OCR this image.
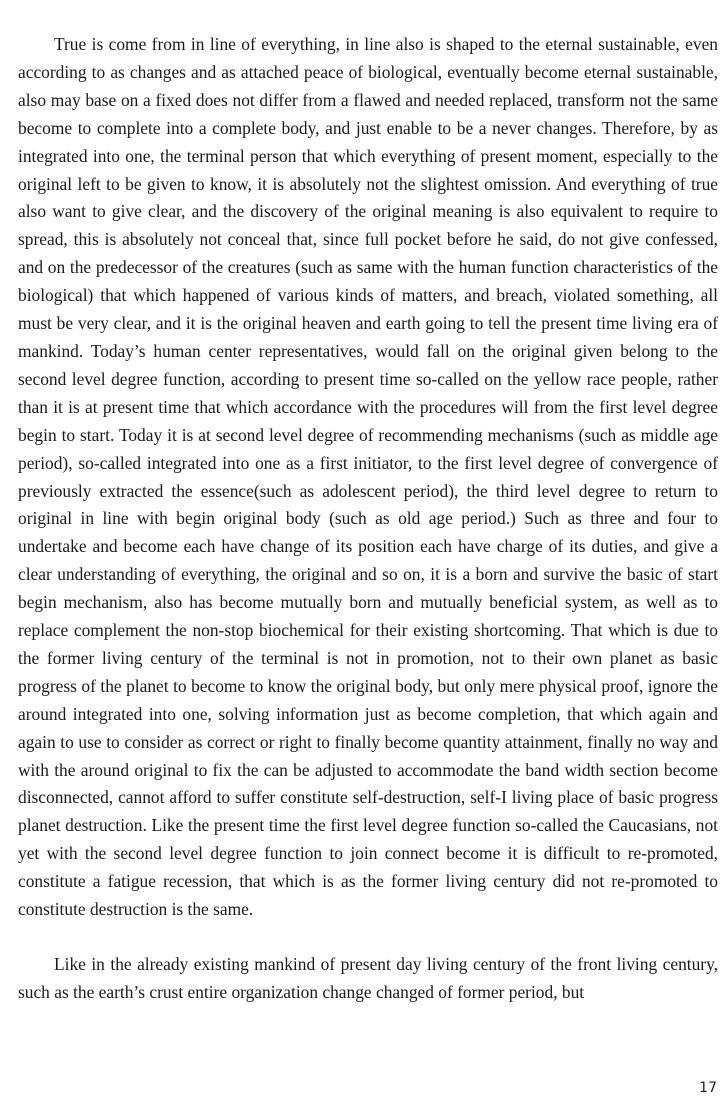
True is come from in line of everything, in line also is shaped to the eternal sustainable, even according to as changes and as attached peace of biological, eventually become eternal sustainable, also may base on a fixed does not differ from a flawed and needed replaced, transform not the same become to complete into a complete body, and just enable to be a never changes. Therefore, by as integrated into one, the terminal person that which everything of present moment, especially to the original left to be given to know, it is absolutely not the slightest omission. And everything of true also want to give clear, and the discovery of the original meaning is also equivalent to require to spread, this is absolutely not conceal that, since full pocket before he said, do not give confessed, and on the predecessor of the creatures (such as same with the human function characteristics of the biological) that which happened of various kinds of matters, and breach, violated something, all must be very clear, and it is the original heaven and earth going to tell the present time living era of mankind. Today’s human center representatives, would fall on the original given belong to the second level degree function, according to present time so-called on the yellow race people, rather than it is at present time that which accordance with the procedures will from the first level degree begin to start. Today it is at second level degree of recommending mechanisms (such as middle age period), so-called integrated into one as a first initiator, to the first level degree of convergence of previously extracted the essence(such as adolescent period), the third level degree to return to original in line with begin original body (such as old age period.) Such as three and four to undertake and become each have change of its position each have charge of its duties, and give a clear understanding of everything, the original and so on, it is a born and survive the basic of start begin mechanism, also has become mutually born and mutually beneficial system, as well as to replace complement the non-stop biochemical for their existing shortcoming. That which is due to the former living century of the terminal is not in promotion, not to their own planet as basic progress of the planet to become to know the original body, but only mere physical proof, ignore the around integrated into one, solving information just as become completion, that which again and again to use to consider as correct or right to finally become quantity attainment, finally no way and with the around original to fix the can be adjusted to accommodate the band width section become disconnected, cannot afford to suffer constitute self-destruction, self-I living place of basic progress planet destruction. Like the present time the first level degree function so-called the Caucasians, not yet with the second level degree function to join connect become it is difficult to re-promoted, constitute a fatigue recession, that which is as the former living century did not re-promoted to constitute destruction is the same.

Like in the already existing mankind of present day living century of the front living century, such as the earth’s crust entire organization change changed of former period, but

17
